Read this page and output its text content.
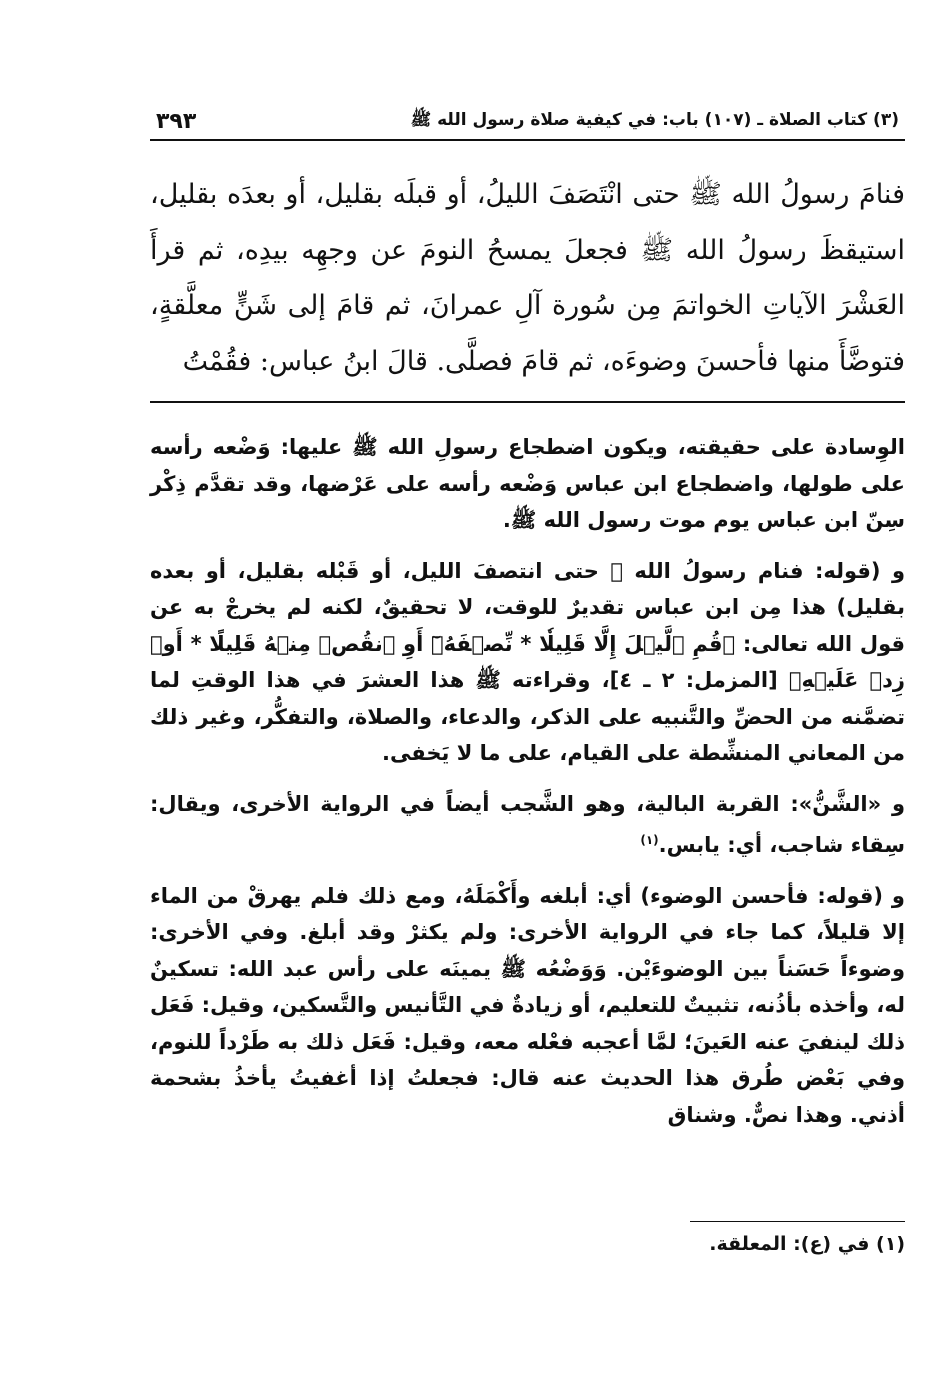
(٣) كتاب الصلاة ـ (١٠٧) باب: في كيفية صلاة رسول الله ﷺ
٣٩٣

فنامَ رسولُ الله ﷺ حتى انْتَصَفَ الليلُ، أو قبلَه بقليل، أو بعدَه بقليل، استيقظَ رسولُ الله ﷺ فجعلَ يمسحُ النومَ عن وجهِه بيدِه، ثم قرأَ العَشْرَ الآياتِ الخواتمَ مِن سُورة آلِ عمرانَ، ثم قامَ إلى شَنٍّ معلَّقةٍ، فتوضَّأَ منها فأحسنَ وضوءَه، ثم قامَ فصلَّى. قالَ ابنُ عباس: فقُمْتُ

الوِسادة على حقيقته، ويكون اضطجاع رسولِ الله ﷺ عليها: وَضْعه رأسه على طولها، واضطجاع ابن عباس وَضْعه رأسه على عَرْضها، وقد تقدَّم ذِكْر سِنّ ابن عباس يوم موت رسول الله ﷺ.

و (قوله: فنام رسولُ الله ﷺ حتى انتصفَ الليل، أو قَبْله بقليل، أو بعده بقليل) هذا مِن ابن عباس تقديرٌ للوقت، لا تحقيقٌ، لكنه لم يخرجْ به عن قول الله تعالى: ﴿قُمِ ٱلَّيۡلَ إِلَّا قَلِيلٗا * نِّصۡفَهُۥٓ أَوِ ٱنقُصۡ مِنۡهُ قَلِيلًا * أَوۡ زِدۡ عَلَيۡهِ﴾ [المزمل: ٢ ـ ٤]، وقراءته ﷺ هذا العشرَ في هذا الوقتِ لما تضمَّنه من الحضِّ والتَّنبيه على الذكر، والدعاء، والصلاة، والتفكُّر، وغير ذلك من المعاني المنشِّطة على القيام، على ما لا يَخفى.

و «الشَّنُّ»: القربة البالية، وهو الشَّجب أيضاً في الرواية الأخرى، ويقال: سِقاء شاجب، أي: يابس.$^{(١)}$

و (قوله: فأحسن الوضوء) أي: أبلغه وأَكْمَلَهُ، ومع ذلك فلم يهرقْ من الماء إلا قليلاً، كما جاء في الرواية الأخرى: ولم يكثرْ وقد أبلغ. وفي الأخرى: وضوءاً حَسَناً بين الوضوءَيْن. وَوَضْعُه ﷺ يمينَه على رأس عبد الله: تسكينٌ له، وأخذه بأذُنه، تثبيتٌ للتعليم، أو زيادةٌ في التَّأنيس والتَّسكين، وقيل: فَعَل ذلك لينفيَ عنه العَينَ؛ لمَّا أعجبه فعْله معه، وقيل: فَعَل ذلك به طَرْداً للنوم، وفي بَعْض طُرق هذا الحديث عنه قال: فجعلتُ إذا أغفيتُ يأخذُ بشحمة أذني. وهذا نصٌّ. وشناق

(١) في (ع): المعلقة.
